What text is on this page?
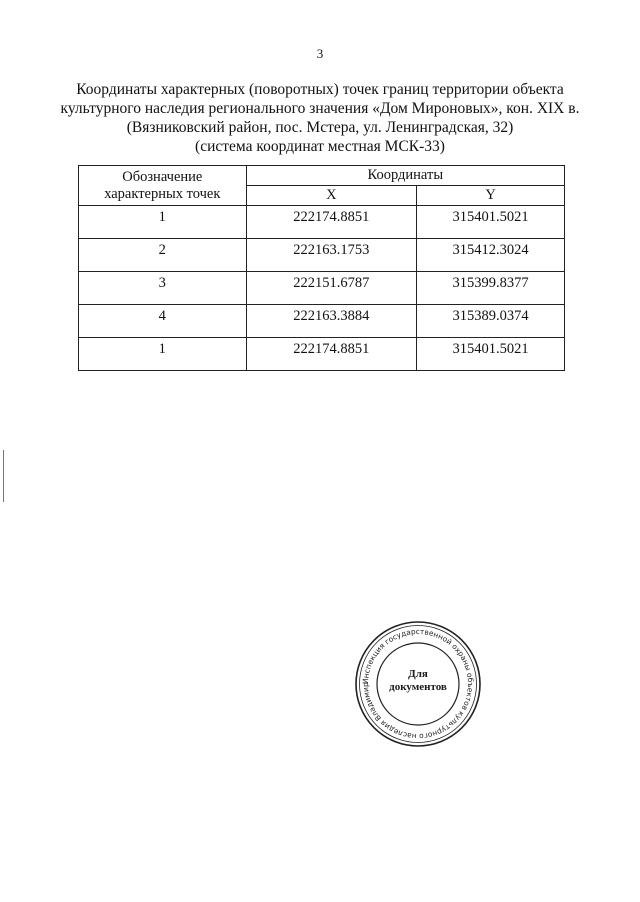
3
Координаты характерных (поворотных) точек границ территории объекта
культурного наследия регионального значения «Дом Мироновых», кон. XIX в.
(Вязниковский район, пос. Мстера, ул. Ленинградская, 32)
(система координат местная МСК-33)
Обозначение
характерных точек	Координаты	
	X	Y
1	222174.8851	315401.5021
2	222163.1753	315412.3024
3	222151.6787	315399.8377
4	222163.3884	315389.0374
1	222174.8851	315401.5021
Инспекция государственной охраны объектов культурного наследия Владимир
Для
документов
